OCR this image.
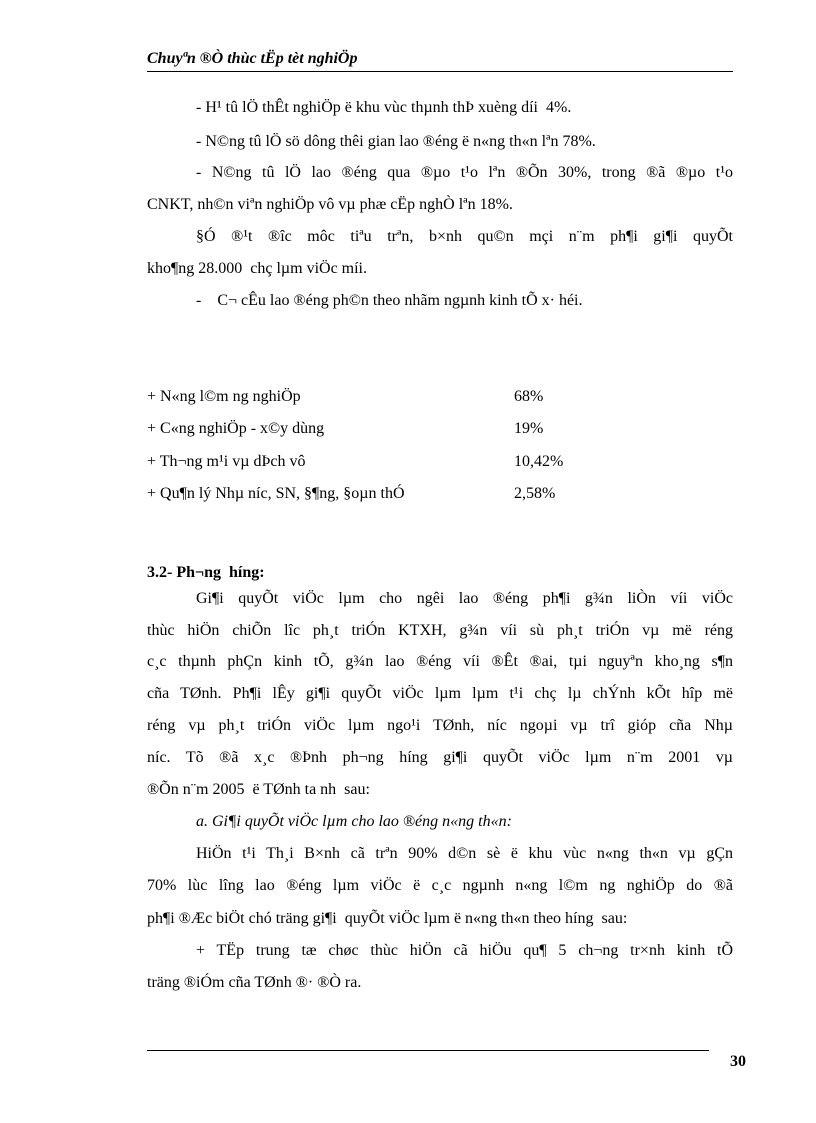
Chuyªn ®Ò thùc tËp tèt nghiÖp
- H¹ tû lÖ thÊt nghiÖp ë khu vùc thµnh thÞ xuèng díi  4%.
- N©ng tû lÖ sö dông thêi gian lao ®éng ë n«ng th«n lªn 78%.
- N©ng tû lÖ lao ®éng qua ®µo t¹o lªn ®Õn 30%, trong ®ã ®µo t¹o
CNKT, nh©n viªn nghiÖp vô vµ phæ cËp nghÒ lªn 18%.
§Ó ®¹t ®îc môc tiªu trªn, b×nh qu©n mçi n¨m ph¶i gi¶i quyÕt
kho¶ng 28.000  chç lµm viÖc míi.
-    C¬ cÊu lao ®éng ph©n theo nhãm ngµnh kinh tÕ x· héi.
+ N«ng l©m ng nghiÖp	68%
+ C«ng nghiÖp - x©y dùng	19%
+ Th¬ng m¹i vµ dÞch vô	10,42%
+ Qu¶n lý Nhµ níc, SN, §¶ng, §oµn thÓ	2,58%
3.2- Ph¬ng  híng:
Gi¶i quyÕt viÖc lµm cho ngêi lao ®éng ph¶i g¾n liÒn víi viÖc
thùc hiÖn chiÕn lîc ph¸t triÓn KTXH, g¾n víi sù ph¸t triÓn vµ më réng
c¸c thµnh phÇn kinh tÕ, g¾n lao ®éng víi ®Êt ®ai, tµi nguyªn kho¸ng s¶n
cña TØnh. Ph¶i lÊy gi¶i quyÕt viÖc lµm lµm t¹i chç lµ chÝnh kÕt hîp më
réng vµ ph¸t triÓn viÖc lµm ngo¹i TØnh, níc ngoµi vµ trî gióp cña Nhµ
níc. Tõ ®ã x¸c ®Þnh ph¬ng híng gi¶i quyÕt viÖc lµm n¨m 2001 vµ
®Õn n¨m 2005  ë TØnh ta nh  sau:
a. Gi¶i quyÕt viÖc lµm cho lao ®éng n«ng th«n:
HiÖn t¹i Th¸i B×nh cã trªn 90% d©n sè ë khu vùc n«ng th«n vµ gÇn
70% lùc lîng lao ®éng lµm viÖc ë c¸c ngµnh n«ng l©m ng nghiÖp do ®ã
ph¶i ®Æc biÖt chó träng gi¶i  quyÕt viÖc lµm ë n«ng th«n theo híng  sau:
+ TËp trung tæ chøc thùc hiÖn cã hiÖu qu¶ 5 ch¬ng tr×nh kinh tÕ
träng ®iÓm cña TØnh ®· ®Ò ra.
30
